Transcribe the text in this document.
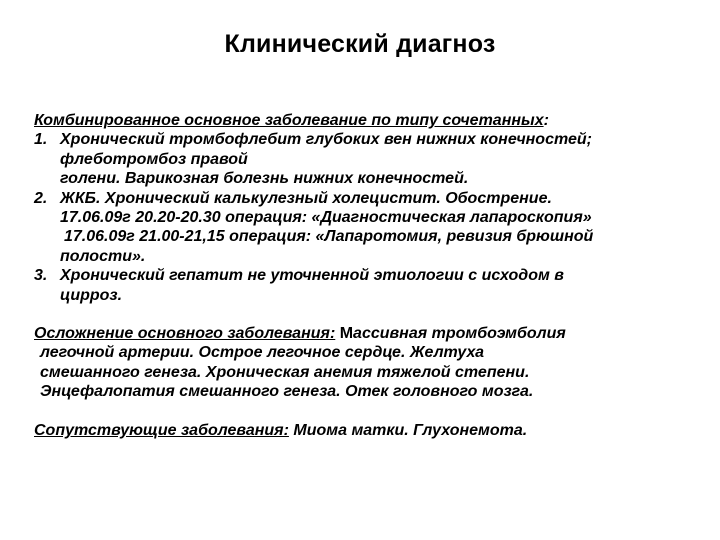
Клинический диагноз
Комбинированное основное заболевание по типу сочетанных:
1. Хронический тромбофлебит глубоких вен нижних конечностей;
флеботромбоз правой
голени. Варикозная болезнь нижних конечностей.
2. ЖКБ. Хронический калькулезный холецистит. Обострение.
17.06.09г 20.20-20.30 операция: «Диагностическая лапароскопия»
17.06.09г 21.00-21,15 операция: «Лапаротомия, ревизия брюшной
полости».
3. Хронический гепатит не уточненной этиологии с исходом в
цирроз.
Осложнение основного заболевания: Массивная тромбоэмболия
легочной артерии. Острое легочное сердце. Желтуха
смешанного генеза. Хроническая анемия тяжелой степени.
Энцефалопатия смешанного генеза. Отек головного мозга.
Сопутствующие заболевания: Миома матки. Глухонемота.
